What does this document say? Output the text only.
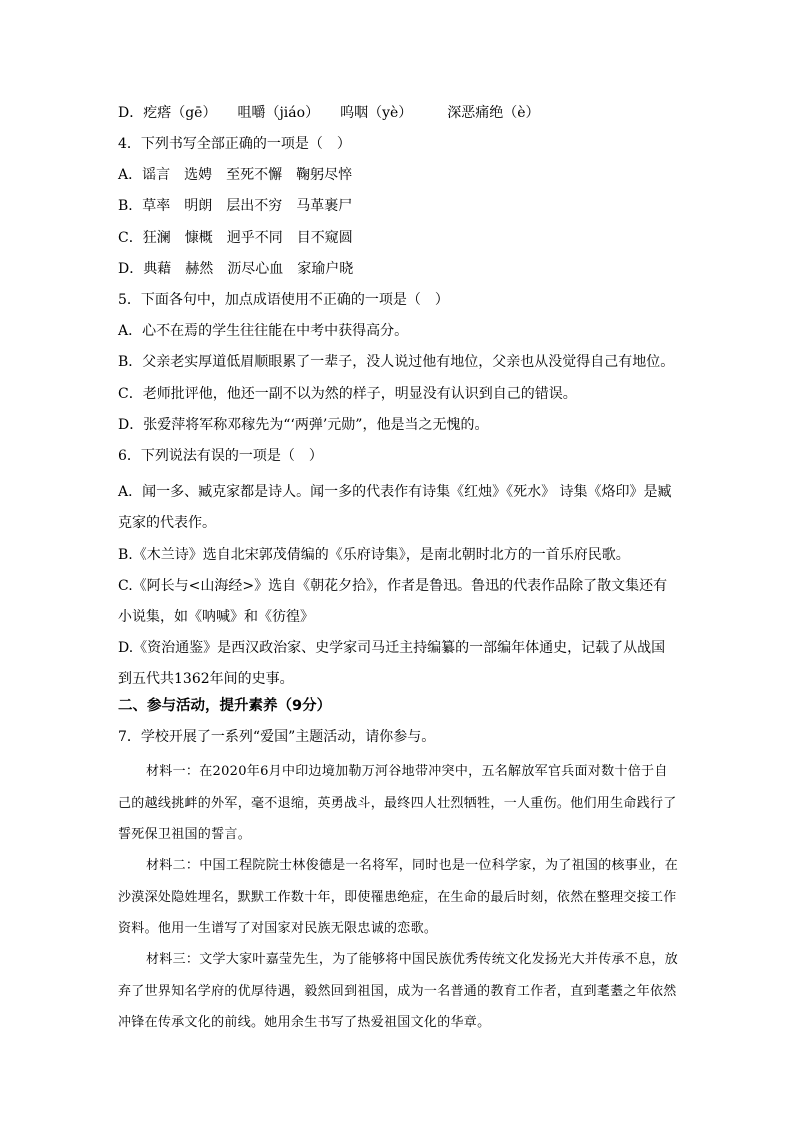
D．疙瘩（gē）　　咀嚼（jiáo）　　呜咽（yè）　　　深恶痛绝（è）
4．下列书写全部正确的一项是（　）
A．谣言　选娉　至死不懈　鞠躬尽悴
B．草率　明朗　层出不穷　马革裹尸
C．狂澜　慷概　迥乎不同　目不窥圆
D．典藉　赫然　沥尽心血　家瑜户晓
5．下面各句中，加点成语使用不正确的一项是（　）
A．心不在焉的学生往往能在中考中获得高分。
B．父亲老实厚道低眉顺眼累了一辈子，没人说过他有地位，父亲也从没觉得自己有地位。
C．老师批评他，他还一副不以为然的样子，明显没有认识到自己的错误。
D．张爱萍将军称邓稼先为“‘两弹’元勋”，他是当之无愧的。
6．下列说法有误的一项是（　）
A．闻一多、臧克家都是诗人。闻一多的代表作有诗集《红烛》《死水》 诗集《烙印》是臧克家的代表作。
B.《木兰诗》选自北宋郭茂倩编的《乐府诗集》，是南北朝时北方的一首乐府民歌。
C.《阿长与<山海经>》选自《朝花夕拾》，作者是鲁迅。鲁迅的代表作品除了散文集还有小说集，如《呐喊》和《彷徨》
D.《资治通鉴》是西汉政治家、史学家司马迁主持编纂的一部编年体通史，记载了从战国到五代共1362年间的史事。
二、参与活动，提升素养（9分）
7．学校开展了一系列“爱国”主题活动，请你参与。
材料一：在2020年6月中印边境加勒万河谷地带冲突中，五名解放军官兵面对数十倍于自己的越线挑衅的外军，毫不退缩，英勇战斗，最终四人壮烈牺牲，一人重伤。他们用生命践行了誓死保卫祖国的誓言。
材料二：中国工程院院士林俊德是一名将军，同时也是一位科学家，为了祖国的核事业，在沙漠深处隐姓埋名，默默工作数十年，即使罹患绝症，在生命的最后时刻，依然在整理交接工作资料。他用一生谱写了对国家对民族无限忠诚的恋歌。
材料三：文学大家叶嘉莹先生，为了能够将中国民族优秀传统文化发扬光大并传承不息，放弃了世界知名学府的优厚待遇，毅然回到祖国，成为一名普通的教育工作者，直到耄耋之年依然冲锋在传承文化的前线。她用余生书写了热爱祖国文化的华章。
